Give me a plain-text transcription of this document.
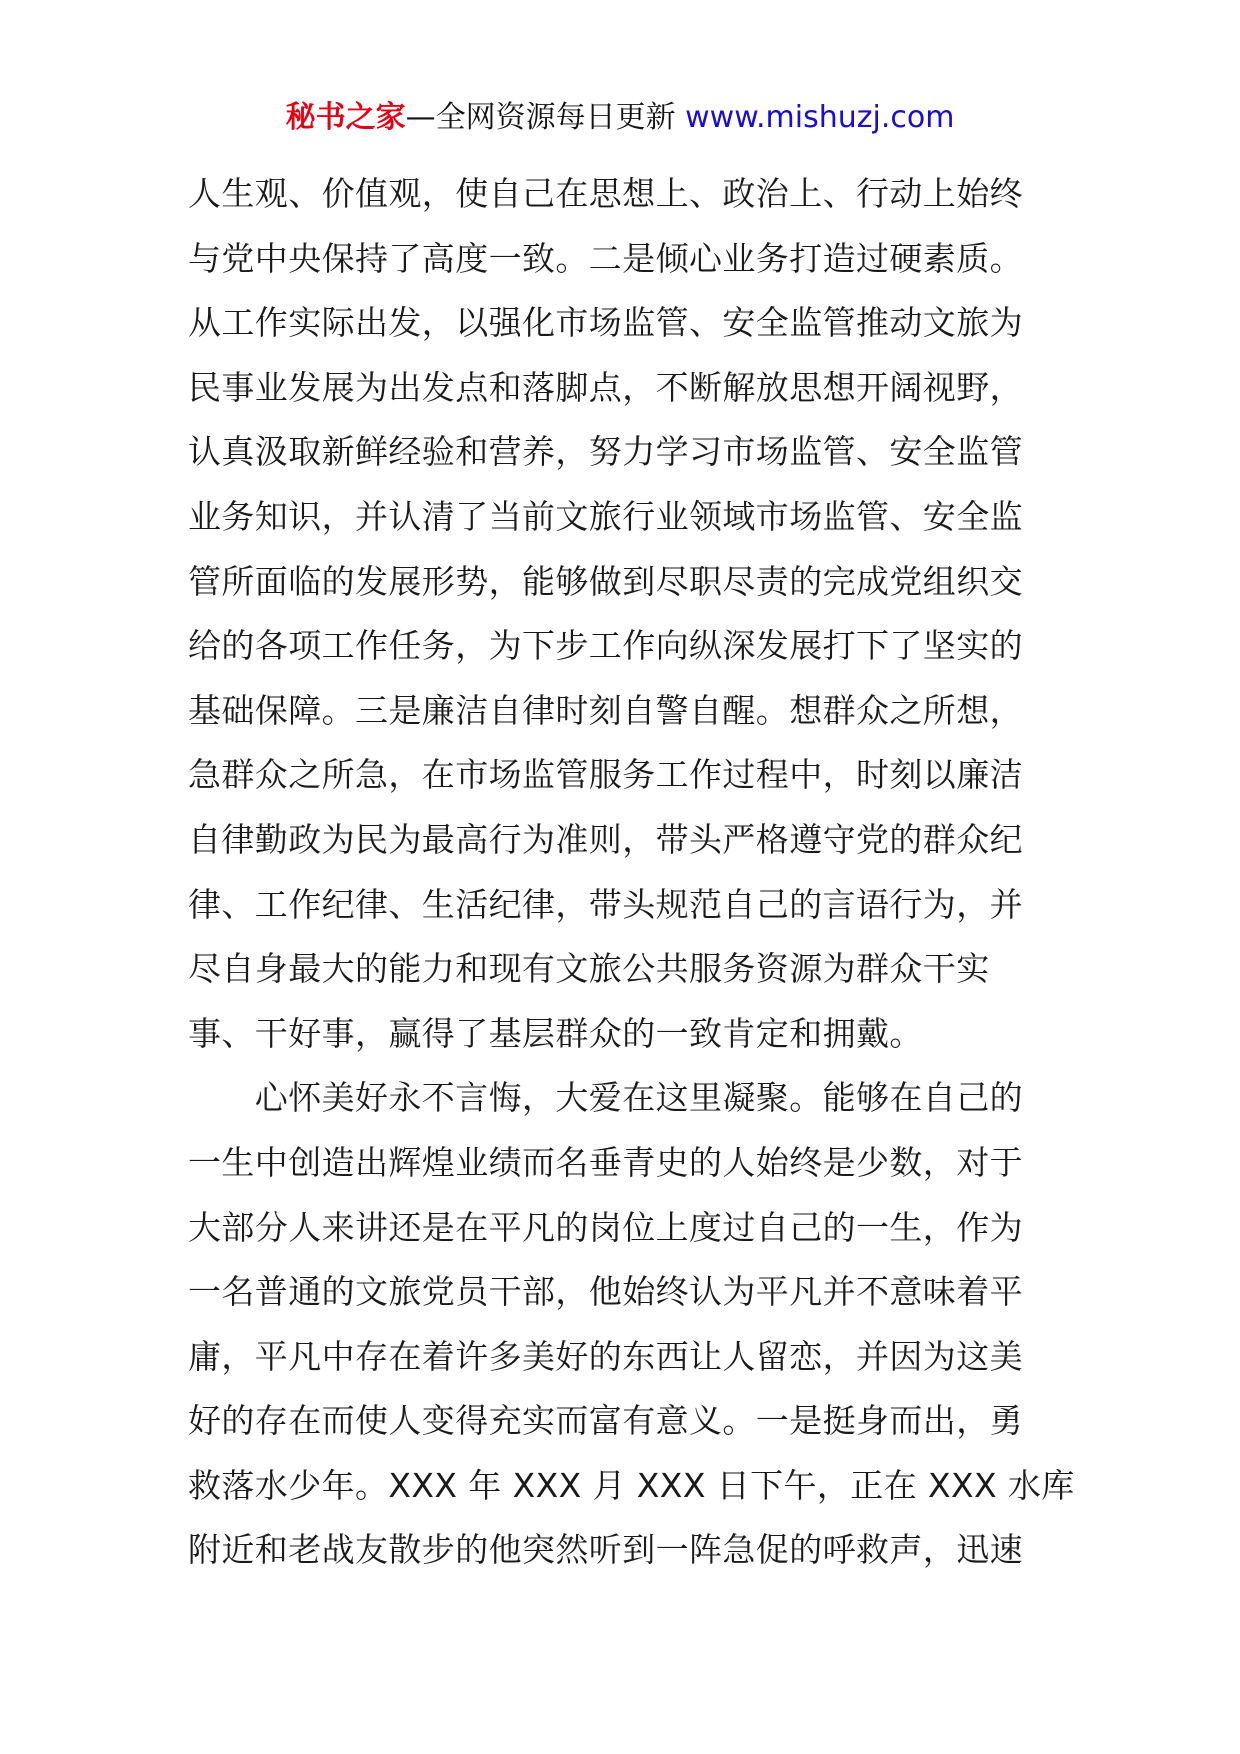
秘书之家—全网资源每日更新 www.mishuzj.com
人生观、价值观，使自己在思想上、政治上、行动上始终
与党中央保持了高度一致。二是倾心业务打造过硬素质。
从工作实际出发，以强化市场监管、安全监管推动文旅为
民事业发展为出发点和落脚点，不断解放思想开阔视野，
认真汲取新鲜经验和营养，努力学习市场监管、安全监管
业务知识，并认清了当前文旅行业领域市场监管、安全监
管所面临的发展形势，能够做到尽职尽责的完成党组织交
给的各项工作任务，为下步工作向纵深发展打下了坚实的
基础保障。三是廉洁自律时刻自警自醒。想群众之所想，
急群众之所急，在市场监管服务工作过程中，时刻以廉洁
自律勤政为民为最高行为准则，带头严格遵守党的群众纪
律、工作纪律、生活纪律，带头规范自己的言语行为，并
尽自身最大的能力和现有文旅公共服务资源为群众干实
事、干好事，赢得了基层群众的一致肯定和拥戴。
　　心怀美好永不言悔，大爱在这里凝聚。能够在自己的
一生中创造出辉煌业绩而名垂青史的人始终是少数，对于
大部分人来讲还是在平凡的岗位上度过自己的一生，作为
一名普通的文旅党员干部，他始终认为平凡并不意味着平
庸，平凡中存在着许多美好的东西让人留恋，并因为这美
好的存在而使人变得充实而富有意义。一是挺身而出，勇
救落水少年。XXX 年 XXX 月 XXX 日下午，正在 XXX 水库
附近和老战友散步的他突然听到一阵急促的呼救声，迅速
